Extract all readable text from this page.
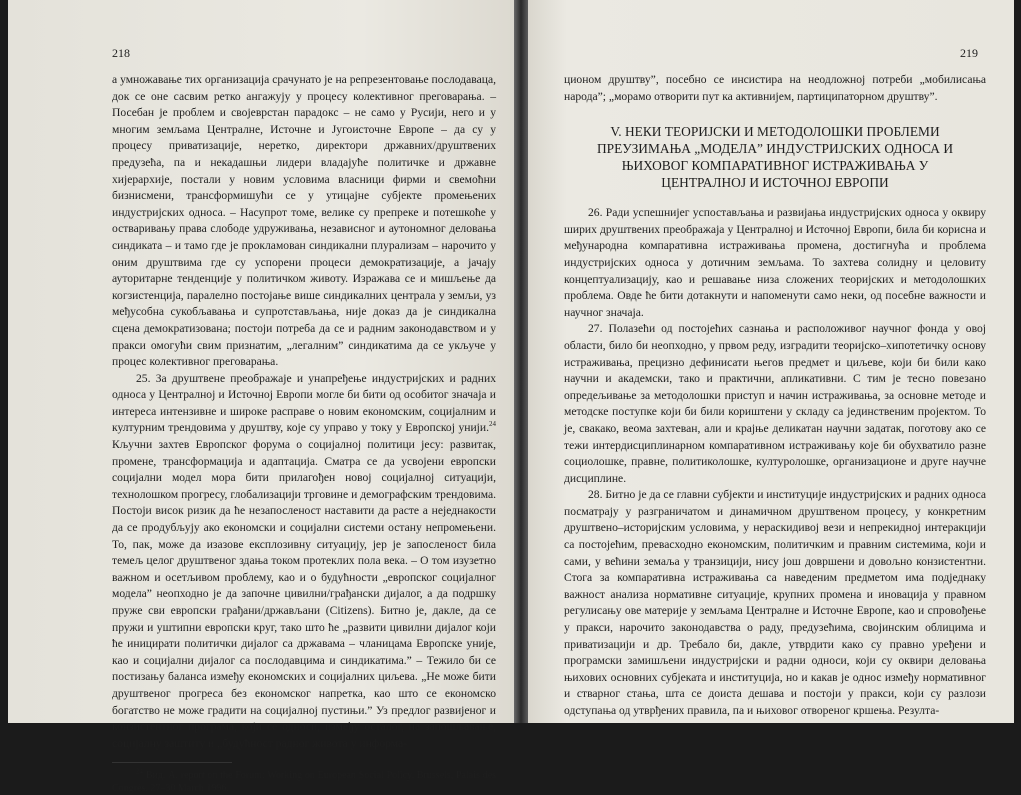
218

а умножавање тих организација срачунато је на репрезентовање послодаваца, док се оне сасвим ретко ангажују у процесу колективног преговарања. – Посебан је проблем и својеврстан парадокс – не само у Русији, него и у многим земљама Централне, Источне и Југоисточне Европе – да су у процесу приватизације, неретко, директори државних/друштвених предузећа, па и некадашњи лидери владајуће политичке и државне хијерархије, постали у новим условима власници фирми и свемоћни бизнисмени, трансформишући се у утицајне субјекте промењених индустријских односа. – Насупрот томе, велике су препреке и потешкоће у остваривању права слободе удруживања, независног и аутономног деловања синдиката – и тамо где је прокламован синдикални плурализам – нарочито у оним друштвима где су успорени процеси демократизације, а јачају ауторитарне тенденције у политичком животу. Изражава се и мишљење да когзистенција, паралелно постојање више синдикалних централа у земљи, уз међусобна сукобљавања и супротстављања, није доказ да је синдикална сцена демократизована; постоји потреба да се и радним законодавством и у пракси омогући свим признатим, „легалним” синдикатима да се укључе у процес колективног преговарања.

25. За друштвене преображаје и унапређење индустријских и радних односа у Централној и Источној Европи могле би бити од особитог значаја и интереса интензивне и широке расправе о новим економским, социјалним и културним трендовима у друштву, које су управо у току у Европској унији.$^{24}$ Кључни захтев Европског форума о социјалној политици јесу: развитак, промене, трансформација и адаптација. Сматра се да усвојени европски социјални модел мора бити прилагођен новој социјалној ситуацији, технолошком прогресу, глобализацији трговине и демографским трендовима. Постоји висок ризик да ће незапосленост наставити да расте а неједнакости да се продубљују ако економски и социјални системи остану непромењени. То, пак, може да изазове експлозивну ситуацију, јер је запосленост била темељ целог друштвеног здања током протеклих пола века. – О том изузетно важном и осетљивом проблему, као и о будућности „европског социјалног модела” неопходно је да започне цивилни/грађански дијалог, а да подршку пруже сви европски грађани/држављани (Citizens). Битно је, дакле, да се пружи и уштипни европски круг, тако што ће „развити цивилни дијалог који ће иницирати политички дијалог са државама – чланицама Европске уније, као и социјални дијалог са послодавцима и синдикатима.” – Тежило би се постизању баланса између економских и социјалних циљева. „Не може бити друштвеног прогреса без економског напретка, као што се економско богатство не може градити на социјалној пустињи.” Уз предлог развијеног и конзистентног програма, који се односи, између осталог, на запошљавање, социјалну заштиту и „будућност радног живота у информа-

$^{24}$ Вид. A. report on the Forum: Working on European Social Policy, Brussels, Palais des Congrès, 27–30 March 1996.

219

ционом друштву”, посебно се инсистира на неодложној потреби „мобилисања народа”; „морамо отворити пут ка активнијем, партиципаторном друштву”.

V. НЕКИ ТЕОРИЈСКИ И МЕТОДОЛОШКИ ПРОБЛЕМИ
ПРЕУЗИМАЊА „МОДЕЛА” ИНДУСТРИЈСКИХ ОДНОСА И
ЊИХОВОГ КОМПАРАТИВНОГ ИСТРАЖИВАЊА У
ЦЕНТРАЛНОЈ И ИСТОЧНОЈ ЕВРОПИ

26. Ради успешнијег успостављања и развијања индустријских односа у оквиру ширих друштвених преображаја у Централној и Источној Европи, била би корисна и међународна компаративна истраживања промена, достигнућа и проблема индустријских односа у дотичним земљама. То захтева солидну и целовиту концептуализацију, као и решавање низа сложених теоријских и методолошких проблема. Овде ће бити дотакнути и напоменути само неки, од посебне важности и научног значаја.

27. Полазећи од постојећих сазнања и расположивог научног фонда у овој области, било би неопходно, у првом реду, изградити теоријско–хипотетичку основу истраживања, прецизно дефинисати његов предмет и циљеве, који би били како научни и академски, тако и практични, апликативни. С тим је тесно повезано опредељивање за методолошки приступ и начин истраживања, за основне методе и методске поступке који би били кориштени у складу са јединственим пројектом. То је, свакако, веома захтеван, али и крајње деликатан научни задатак, поготову ако се тежи интердисциплинарном компаративном истраживању које би обухватило разне социолошке, правне, политиколошке, културолошке, организационе и друге научне дисциплине.

28. Битно је да се главни субјекти и институције индустријских и радних односа посматрају у разграничатом и динамичном друштвеном процесу, у конкретним друштвено–историјским условима, у нераскидивој вези и непрекидној интеракцији са постојећим, превасходно економским, политичким и правним системима, који и сами, у већини земаља у транзицији, нису још довршени и довољно конзистентни. Стога за компаративна истраживања са наведеним предметом има подједнаку важност анализа нормативне ситуације, крупних промена и иновација у правном регулисању ове материје у земљама Централне и Источне Европе, као и спровођење у пракси, нарочито законодавства о раду, предузећима, својинским облицима и приватизацији и др. Требало би, дакле, утврдити како су правно уређени и програмски замишљени индустријски и радни односи, који су оквири деловања њихових основних субјеката и институција, но и какав је однос између нормативног и стварног стања, шта се доиста дешава и постоји у пракси, који су разлози одступања од утврђених правила, па и њиховог отвореног кршења. Резулта-
